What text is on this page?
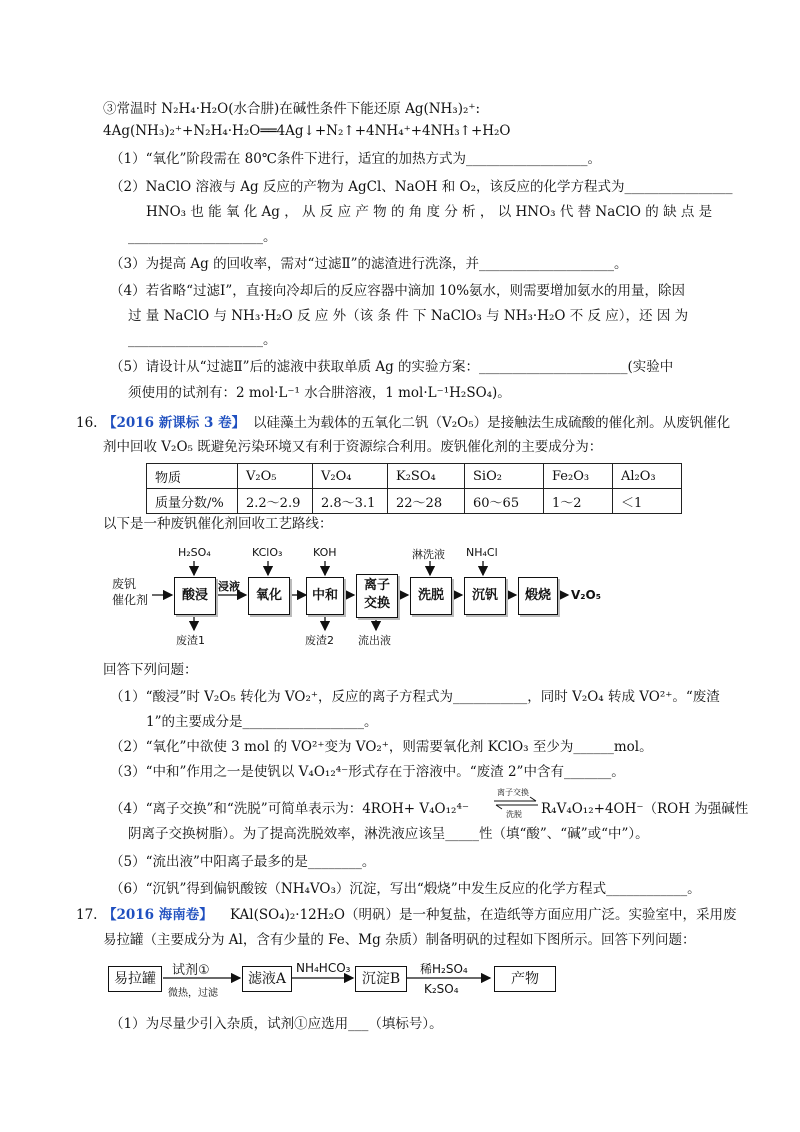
③常温时 N₂H₄·H₂O(水合肼)在碱性条件下能还原 Ag(NH₃)₂⁺:
4Ag(NH₃)₂⁺+N₂H₄·H₂O══4Ag↓+N₂↑+4NH₄⁺+4NH₃↑+H₂O
（1）“氧化”阶段需在 80℃条件下进行，适宜的加热方式为__________________。
（2）NaClO 溶液与 Ag 反应的产物为 AgCl、NaOH 和 O₂，该反应的化学方程式为________________
HNO₃ 也 能 氧 化 Ag ， 从 反 应 产 物 的 角 度 分 析 ， 以 HNO₃ 代 替 NaClO 的 缺 点 是
____________________。
（3）为提高 Ag 的回收率，需对“过滤Ⅱ”的滤渣进行洗涤，并____________________。
（4）若省略“过滤Ⅰ”，直接向冷却后的反应容器中滴加 10%氨水，则需要增加氨水的用量，除因
过 量 NaClO 与 NH₃·H₂O 反 应 外（该 条 件 下 NaClO₃ 与 NH₃·H₂O 不 反 应），还 因 为
____________________。
（5）请设计从“过滤Ⅱ”后的滤液中获取单质 Ag 的实验方案：______________________(实验中
须使用的试剂有：2 mol·L⁻¹ 水合肼溶液，1 mol·L⁻¹H₂SO₄)。
16. 【2016 新课标 3 卷】 以硅藻土为载体的五氧化二钒（V₂O₅）是接触法生成硫酸的催化剂。从废钒催化
剂中回收 V₂O₅ 既避免污染环境又有利于资源综合利用。废钒催化剂的主要成分为：
物质	V₂O₅	V₂O₄	K₂SO₄	SiO₂	Fe₂O₃	Al₂O₃
质量分数/%	2.2～2.9	2.8～3.1	22～28	60～65	1～2	＜1
以下是一种废钒催化剂回收工艺路线：
废钒
催化剂	酸浸	氧化	中和
离子
交换
洗脱	沉钒	煅烧
H₂SO₄	KClO₃	KOH	淋洗液 NH₄Cl
浸液
废渣1	废渣2 流出液
V₂O₅
回答下列问题：
（1）“酸浸”时 V₂O₅ 转化为 VO₂⁺，反应的离子方程式为___________，同时 V₂O₄ 转成 VO²⁺。“废渣
1”的主要成分是__________________。
（2）“氧化”中欲使 3 mol 的 VO²⁺变为 VO₂⁺，则需要氧化剂 KClO₃ 至少为______mol。
（3）“中和”作用之一是使钒以 V₄O₁₂⁴⁻形式存在于溶液中。“废渣 2”中含有_______。
（4）“离子交换”和“洗脱”可简单表示为：4ROH+ V₄O₁₂⁴⁻
离子交换
洗脱 R₄V₄O₁₂+4OH⁻（ROH 为强碱性
阴离子交换树脂）。为了提高洗脱效率，淋洗液应该呈_____性（填“酸”、“碱”或“中”）。
（5）“流出液”中阳离子最多的是________。
（6）“沉钒”得到偏钒酸铵（NH₄VO₃）沉淀，写出“煅烧”中发生反应的化学方程式____________。
17. 【2016 海南卷】 KAl(SO₄)₂·12H₂O（明矾）是一种复盐，在造纸等方面应用广泛。实验室中，采用废
易拉罐（主要成分为 Al，含有少量的 Fe、Mg 杂质）制备明矾的过程如下图所示。回答下列问题：
易拉罐	滤液A	沉淀B	产物
试剂①
微热，过滤
NH₄HCO₃	稀H₂SO₄
K₂SO₄
（1）为尽量少引入杂质，试剂①应选用___（填标号）。
